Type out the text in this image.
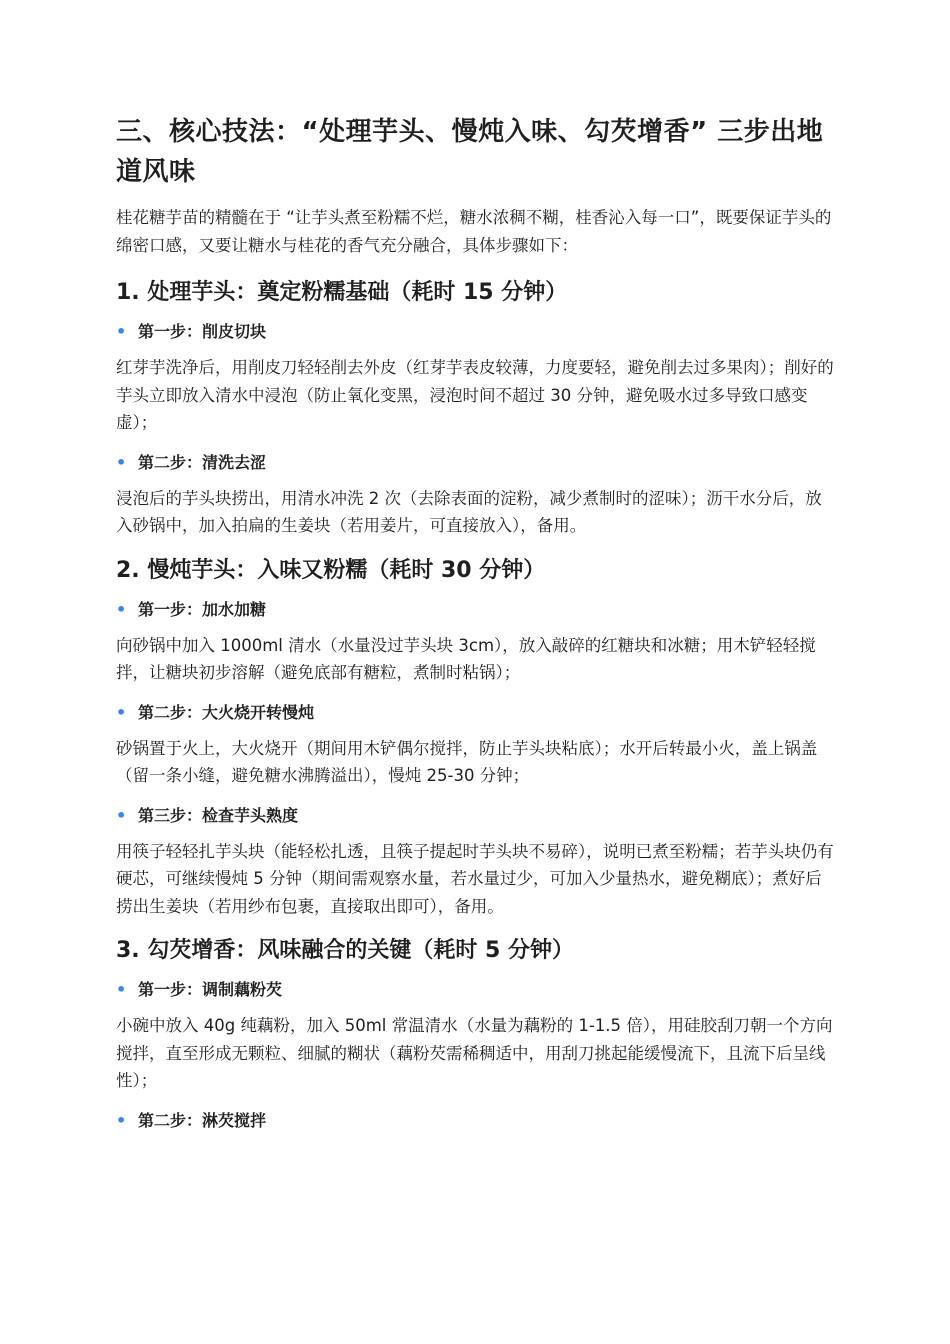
三、核心技法：“处理芋头、慢炖入味、勾芡增香” 三步出地道风味

桂花糖芋苗的精髓在于 “让芋头煮至粉糯不烂，糖水浓稠不糊，桂香沁入每一口”，既要保证芋头的绵密口感，又要让糖水与桂花的香气充分融合，具体步骤如下：

1. 处理芋头：奠定粉糯基础（耗时 15 分钟）
• 第一步：削皮切块

红芽芋洗净后，用削皮刀轻轻削去外皮（红芽芋表皮较薄，力度要轻，避免削去过多果肉）；削好的芋头立即放入清水中浸泡（防止氧化变黑，浸泡时间不超过 30 分钟，避免吸水过多导致口感变虚）；

• 第二步：清洗去涩

浸泡后的芋头块捞出，用清水冲洗 2 次（去除表面的淀粉，减少煮制时的涩味）；沥干水分后，放入砂锅中，加入拍扁的生姜块（若用姜片，可直接放入），备用。

2. 慢炖芋头：入味又粉糯（耗时 30 分钟）
• 第一步：加水加糖

向砂锅中加入 1000ml 清水（水量没过芋头块 3cm），放入敲碎的红糖块和冰糖；用木铲轻轻搅拌，让糖块初步溶解（避免底部有糖粒，煮制时粘锅）；

• 第二步：大火烧开转慢炖

砂锅置于火上，大火烧开（期间用木铲偶尔搅拌，防止芋头块粘底）；水开后转最小火，盖上锅盖（留一条小缝，避免糖水沸腾溢出），慢炖 25-30 分钟；

• 第三步：检查芋头熟度

用筷子轻轻扎芋头块（能轻松扎透，且筷子提起时芋头块不易碎），说明已煮至粉糯；若芋头块仍有硬芯，可继续慢炖 5 分钟（期间需观察水量，若水量过少，可加入少量热水，避免糊底）；煮好后捞出生姜块（若用纱布包裹，直接取出即可），备用。

3. 勾芡增香：风味融合的关键（耗时 5 分钟）
• 第一步：调制藕粉芡

小碗中放入 40g 纯藕粉，加入 50ml 常温清水（水量为藕粉的 1-1.5 倍），用硅胶刮刀朝一个方向搅拌，直至形成无颗粒、细腻的糊状（藕粉芡需稀稠适中，用刮刀挑起能缓慢流下，且流下后呈线性）；

• 第二步：淋芡搅拌
